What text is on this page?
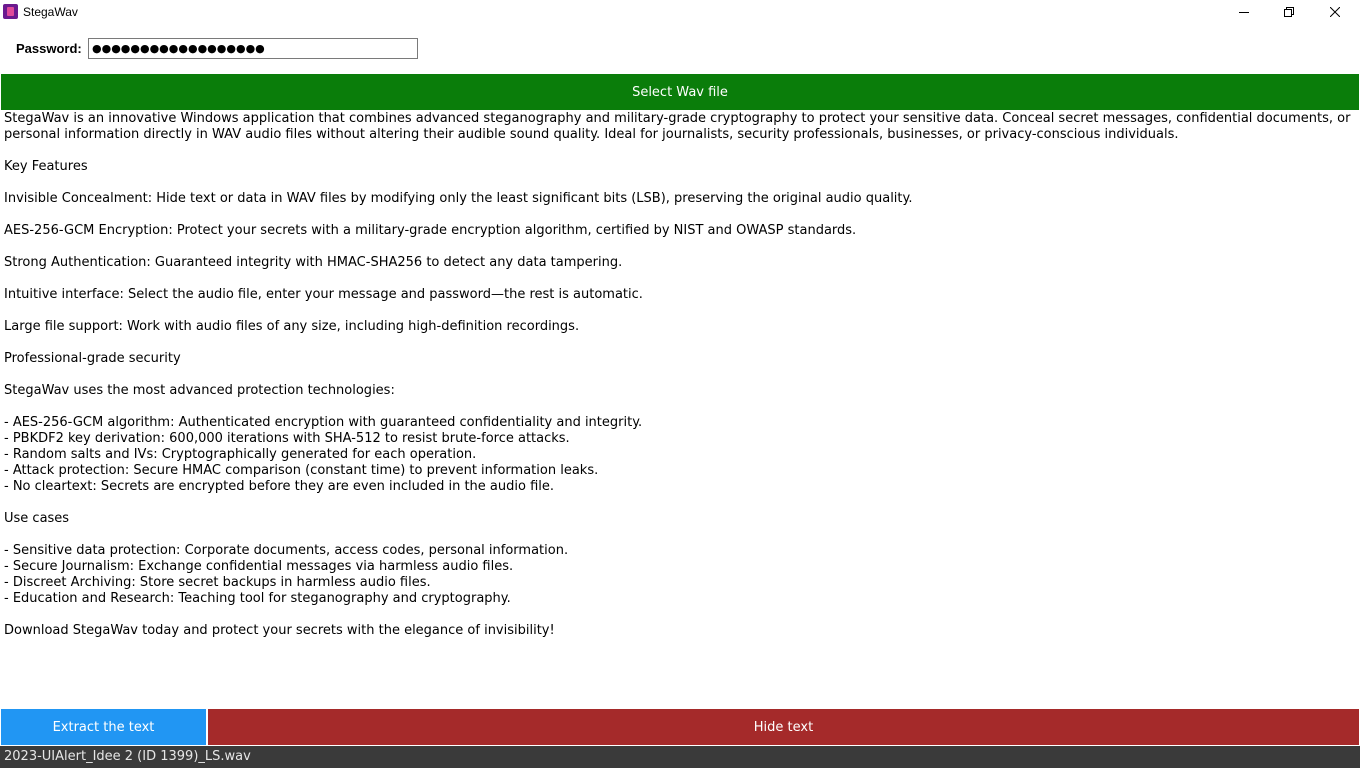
StegaWav
Password: ●●●●●●●●●●●●●●●●●●
Select Wav file
StegaWav is an innovative Windows application that combines advanced steganography and military-grade cryptography to protect your sensitive data. Conceal secret messages, confidential documents, or personal information directly in WAV audio files without altering their audible sound quality. Ideal for journalists, security professionals, businesses, or privacy-conscious individuals.

Key Features

Invisible Concealment: Hide text or data in WAV files by modifying only the least significant bits (LSB), preserving the original audio quality.

AES-256-GCM Encryption: Protect your secrets with a military-grade encryption algorithm, certified by NIST and OWASP standards.

Strong Authentication: Guaranteed integrity with HMAC-SHA256 to detect any data tampering.

Intuitive interface: Select the audio file, enter your message and password—the rest is automatic.

Large file support: Work with audio files of any size, including high-definition recordings.

Professional-grade security

StegaWav uses the most advanced protection technologies:

- AES-256-GCM algorithm: Authenticated encryption with guaranteed confidentiality and integrity.
- PBKDF2 key derivation: 600,000 iterations with SHA-512 to resist brute-force attacks.
- Random salts and IVs: Cryptographically generated for each operation.
- Attack protection: Secure HMAC comparison (constant time) to prevent information leaks.
- No cleartext: Secrets are encrypted before they are even included in the audio file.

Use cases

- Sensitive data protection: Corporate documents, access codes, personal information.
- Secure Journalism: Exchange confidential messages via harmless audio files.
- Discreet Archiving: Store secret backups in harmless audio files.
- Education and Research: Teaching tool for steganography and cryptography.

Download StegaWav today and protect your secrets with the elegance of invisibility!
Extract the text	Hide text
2023-UIAlert_Idee 2 (ID 1399)_LS.wav
